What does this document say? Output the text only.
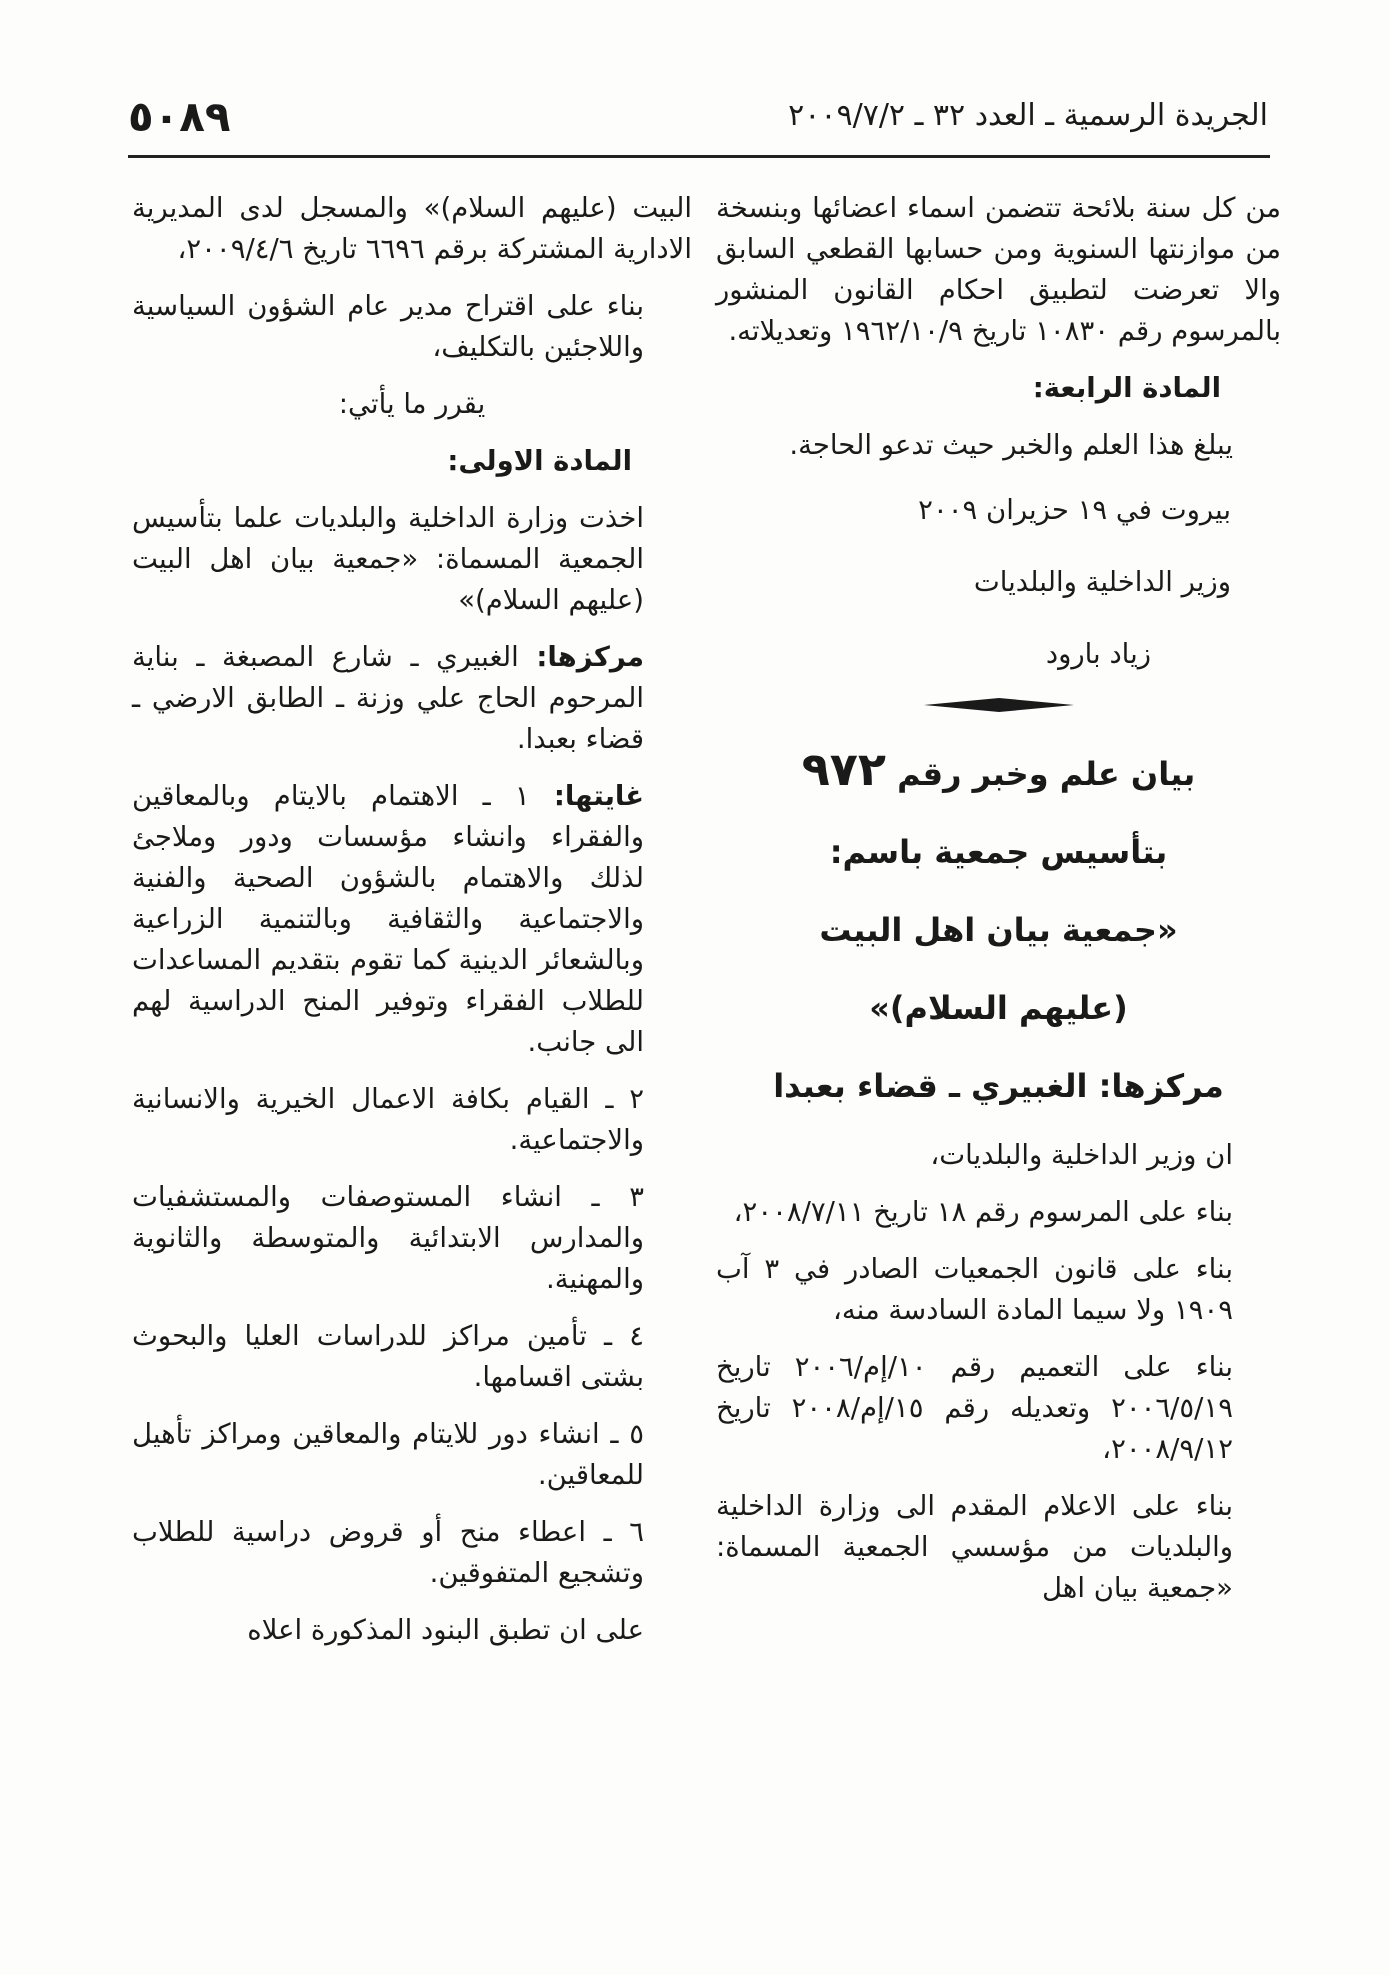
الجريدة الرسمية ـ العدد ٣٢ ـ ٢٠٠٩/٧/٢
٥٠٨٩

من كل سنة بلائحة تتضمن اسماء اعضائها وبنسخة من موازنتها السنوية ومن حسابها القطعي السابق والا تعرضت لتطبيق احكام القانون المنشور بالمرسوم رقم ١٠٨٣٠ تاريخ ١٩٦٢/١٠/٩ وتعديلاته.

المادة الرابعة:

يبلغ هذا العلم والخبر حيث تدعو الحاجة.

بيروت في ١٩ حزيران ٢٠٠٩

وزير الداخلية والبلديات

زياد بارود

بيان علم وخبر رقم ٩٧٢

بتأسيس جمعية باسم:

«جمعية بيان اهل البيت

(عليهم السلام)»

مركزها: الغبيري ـ قضاء بعبدا

ان وزير الداخلية والبلديات،

بناء على المرسوم رقم ١٨ تاريخ ٢٠٠٨/٧/١١،

بناء على قانون الجمعيات الصادر في ٣ آب ١٩٠٩ ولا سيما المادة السادسة منه،

بناء على التعميم رقم ١٠/إم/٢٠٠٦ تاريخ ٢٠٠٦/٥/١٩ وتعديله رقم ١٥/إم/٢٠٠٨ تاريخ ٢٠٠٨/٩/١٢،

بناء على الاعلام المقدم الى وزارة الداخلية والبلديات من مؤسسي الجمعية المسماة: «جمعية بيان اهل

البيت (عليهم السلام)» والمسجل لدى المديرية الادارية المشتركة برقم ٦٦٩٦ تاريخ ٢٠٠٩/٤/٦،

بناء على اقتراح مدير عام الشؤون السياسية واللاجئين بالتكليف،

يقرر ما يأتي:

المادة الاولى:

اخذت وزارة الداخلية والبلديات علما بتأسيس الجمعية المسماة: «جمعية بيان اهل البيت (عليهم السلام)»

مركزها: الغبيري ـ شارع المصبغة ـ بناية المرحوم الحاج علي وزنة ـ الطابق الارضي ـ قضاء بعبدا.

غايتها: ١ ـ الاهتمام بالايتام وبالمعاقين والفقراء وانشاء مؤسسات ودور وملاجئ لذلك والاهتمام بالشؤون الصحية والفنية والاجتماعية والثقافية وبالتنمية الزراعية وبالشعائر الدينية كما تقوم بتقديم المساعدات للطلاب الفقراء وتوفير المنح الدراسية لهم الى جانب.

٢ ـ القيام بكافة الاعمال الخيرية والانسانية والاجتماعية.

٣ ـ انشاء المستوصفات والمستشفيات والمدارس الابتدائية والمتوسطة والثانوية والمهنية.

٤ ـ تأمين مراكز للدراسات العليا والبحوث بشتى اقسامها.

٥ ـ انشاء دور للايتام والمعاقين ومراكز تأهيل للمعاقين.

٦ ـ اعطاء منح أو قروض دراسية للطلاب وتشجيع المتفوقين.

على ان تطبق البنود المذكورة اعلاه
